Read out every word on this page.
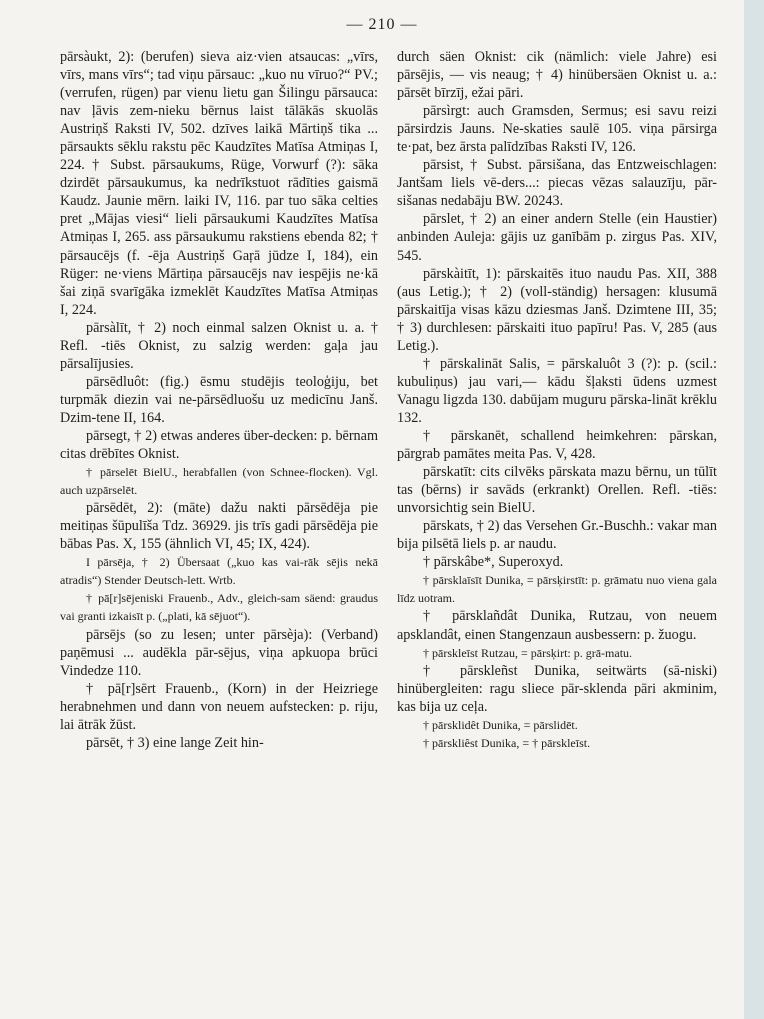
— 210 —

pārsàukt, 2): (berufen) sieva aiz·vien atsaucas: „vīrs, vīrs, mans vīrs“; tad viņu pārsauc: „kuo nu vīruo?“ PV.; (verrufen, rügen) par vienu lietu gan Šilingu pārsauca: nav ļāvis zem-nieku bērnus laist tālākās skuolās Austriņš Raksti IV, 502. dzīves laikā Mārtiņš tika ... pārsaukts sēklu rakstu pēc Kaudzītes Matīsa Atmiņas I, 224. † Subst. pārsaukums, Rüge, Vorwurf (?): sāka dzirdēt pārsaukumus, ka nedrīkstuot rādīties gaismā Kaudz. Jaunie mērn. laiki IV, 116. par tuo sāka celties pret „Mājas viesi“ lieli pārsaukumi Kaudzītes Matīsa Atmiņas I, 265. ass pārsaukumu rakstiens ebenda 82; † pārsaucējs (f. -ēja Austriņš Gaŗā jūdze I, 184), ein Rüger: ne·viens Mārtiņa pārsaucējs nav iespējis ne·kā šai ziņā svarīgāka izmeklēt Kaudzītes Matīsa Atmiņas I, 224.

pārsàlīt, † 2) noch einmal salzen Oknist u. a. † Refl. -tiēs Oknist, zu salzig werden: gaļa jau pārsalījusies.

pārsēdluôt: (fig.) ēsmu studējis teoloģiju, bet turpmāk diezin vai ne-pārsēdluošu uz medicīnu Janš. Dzim-tene II, 164.

pārsegt, † 2) etwas anderes über-decken: p. bērnam citas drēbītes Oknist.

† pārselēt BielU., herabfallen (von Schnee-flocken). Vgl. auch uzpārselēt.

pārsēdēt, 2): (māte) dažu nakti pārsēdēja pie meitiņas šūpulīša Tdz. 36929. jis trīs gadi pārsēdēja pie bābas Pas. X, 155 (ähnlich VI, 45; IX, 424).

I pārsēja, † 2) Übersaat („kuo kas vai-rāk sējis nekā atradis“) Stender Deutsch-lett. Wrtb.

† pā[r]sējeniski Frauenb., Adv., gleich-sam säend: graudus vai granti izkaisīt p. („plati, kā sējuot“).

pārsējs (so zu lesen; unter pārsèja): (Verband) paņēmusi ... audēkla pār-sējus, viņa apkuopa brūci Vindedze 110.

† pā[r]sērt Frauenb., (Korn) in der Heizriege herabnehmen und dann von neuem aufstecken: p. riju, lai ātrāk žūst.

pārsēt, † 3) eine lange Zeit hin-

durch säen Oknist: cik (nämlich: viele Jahre) esi pārsējis, — vis neaug; † 4) hinübersäen Oknist u. a.: pārsēt bīrzīj, ežai pāri.

pārsìrgt: auch Gramsden, Sermus; esi savu reizi pārsirdzis Jauns. Ne-skaties saulē 105. viņa pārsirga te·pat, bez ārsta palīdzības Raksti IV, 126.

pārsist, † Subst. pārsišana, das Entzweischlagen: Jantšam liels vē-ders...: piecas vēzas salauzīju, pār-sišanas nedabāju BW. 20243.

pārslet, † 2) an einer andern Stelle (ein Haustier) anbinden Auleja: gājis uz ganībām p. zirgus Pas. XIV, 545.

pārskàitīt, 1): pārskaitēs ituo naudu Pas. XII, 388 (aus Letig.); † 2) (voll-ständig) hersagen: klusumā pārskaitīja visas kāzu dziesmas Janš. Dzimtene III, 35; † 3) durchlesen: pārskaiti ituo papīru! Pas. V, 285 (aus Letig.).

† pārskalināt Salis, = pārskaluôt 3 (?): p. (scil.: kubuliņus) jau vari,— kādu šļaksti ūdens uzmest Vanagu ligzda 130. dabūjam muguru pārska-lināt krēklu 132.

† pārskanēt, schallend heimkehren: pārskan, pārgrab pamātes meita Pas. V, 428.

pārskatīt: cits cilvēks pārskata mazu bērnu, un tūlīt tas (bērns) ir savāds (erkrankt) Orellen. Refl. -tiēs: unvorsichtig sein BielU.

pārskats, † 2) das Versehen Gr.-Buschh.: vakar man bija pilsētā liels p. ar naudu.

† pārskâbe*, Superoxyd.

† pārsklaīsīt Dunika, = pārsķirstīt: p. grāmatu nuo viena gala līdz uotram.

† pārsklañdât Dunika, Rutzau, von neuem apsklandât, einen Stangenzaun ausbessern: p. žuogu.

† pārskleīst Rutzau, = pārsķirt: p. grā-matu.

† pārskleñst Dunika, seitwärts (sā-niski) hinübergleiten: ragu sliece pār-sklenda pāri akminim, kas bija uz ceļa.

† pārsklidêt Dunika, = pārslidēt.

† pārskliêst Dunika, = † pārskleīst.
